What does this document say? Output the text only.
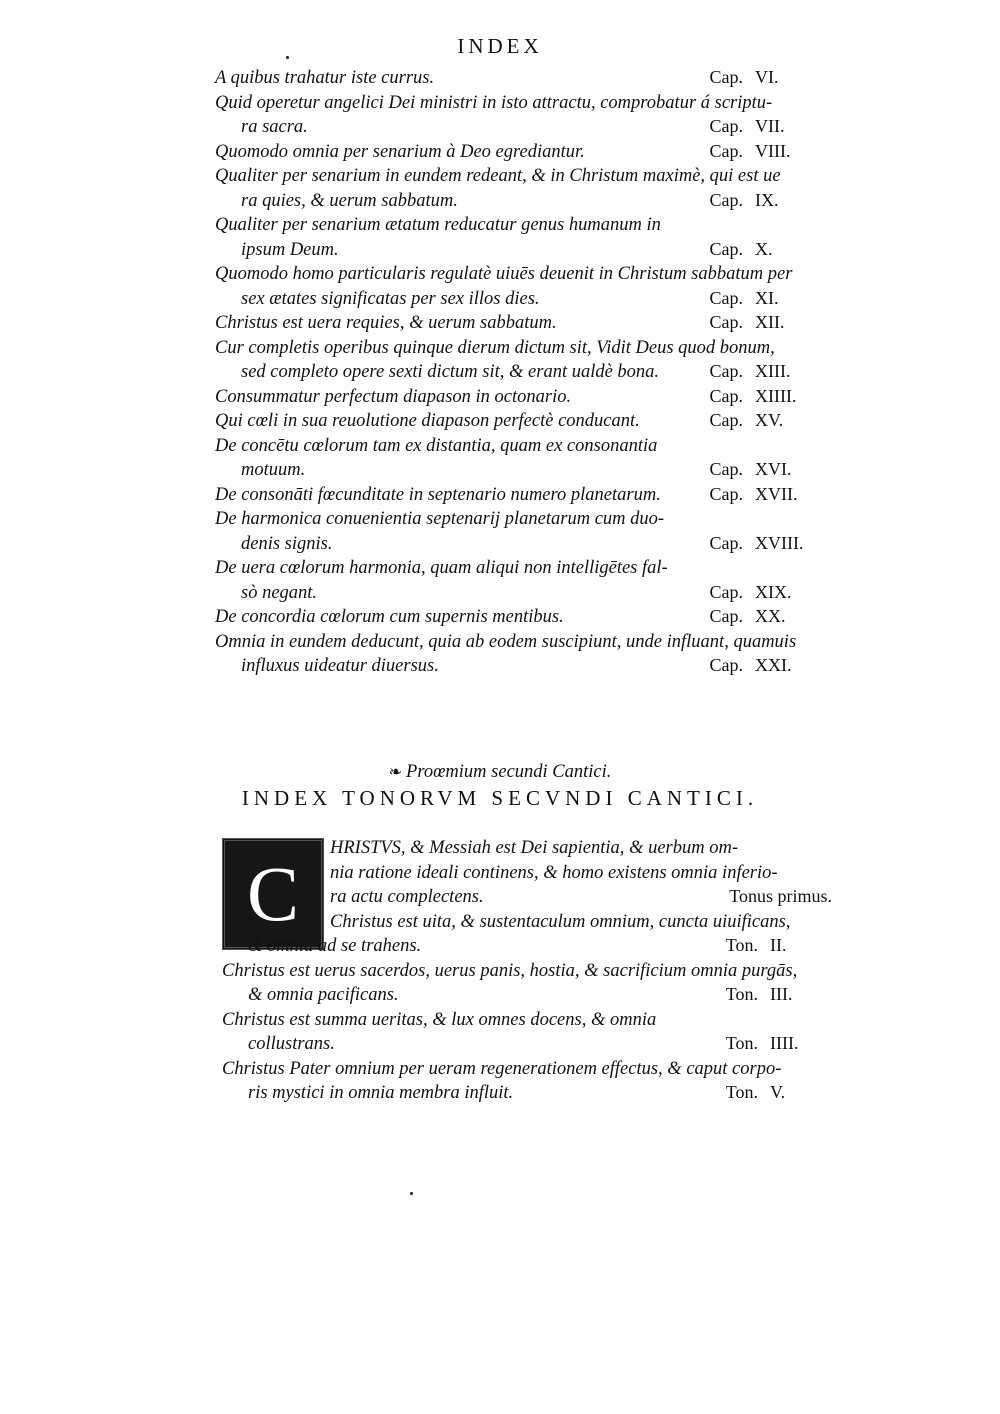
INDEX
A quibus trahatur iste currus.	Cap. VI.
Quid operetur angelici Dei ministri in isto attractu, comprobatur á scriptu-
ra sacra.	Cap. VII.
Quomodo omnia per senarium à Deo egrediantur.	Cap. VIII.
Qualiter per senarium in eundem redeant, & in Christum maximè, qui est ue
ra quies, & uerum sabbatum.	Cap. IX.
Qualiter per senarium ætatum reducatur genus humanum in
ipsum Deum.	Cap. X.
Quomodo homo particularis regulatè uiuēs deuenit in Christum sabbatum per
sex ætates significatas per sex illos dies.	Cap. XI.
Christus est uera requies, & uerum sabbatum.	Cap. XII.
Cur completis operibus quinque dierum dictum sit, Vidit Deus quod bonum,
sed completo opere sexti dictum sit, & erant ualdè bona.	Cap. XIII.
Consummatur perfectum diapason in octonario.	Cap. XIIII.
Qui cœli in sua reuolutione diapason perfectè conducant.	Cap. XV.
De concētu cœlorum tam ex distantia, quam ex consonantia
motuum.	Cap. XVI.
De consonāti fœcunditate in septenario numero planetarum.	Cap. XVII.
De harmonica conuenientia septenarij planetarum cum duo-
denis signis.	Cap. XVIII.
De uera cœlorum harmonia, quam aliqui non intelligētes fal-
sò negant.	Cap. XIX.
De concordia cœlorum cum supernis mentibus.	Cap. XX.
Omnia in eundem deducunt, quia ab eodem suscipiunt, unde influant, quamuis
influxus uideatur diuersus.	Cap. XXI.
❧ Proœmium secundi Cantici.
INDEX TONORVM SECVNDI CANTICI.
C
HRISTVS, & Messiah est Dei sapientia, & uerbum om-
nia ratione ideali continens, & homo existens omnia inferio-
ra actu complectens.	Tonus primus.
Christus est uita, & sustentaculum omnium, cuncta uiuificans,
& omnia ad se trahens.	Ton. II.
Christus est uerus sacerdos, uerus panis, hostia, & sacrificium omnia purgās,
& omnia pacificans.	Ton. III.
Christus est summa ueritas, & lux omnes docens, & omnia
collustrans.	Ton. IIII.
Christus Pater omnium per ueram regenerationem effectus, & caput corpo-
ris mystici in omnia membra influit.	Ton. V.
